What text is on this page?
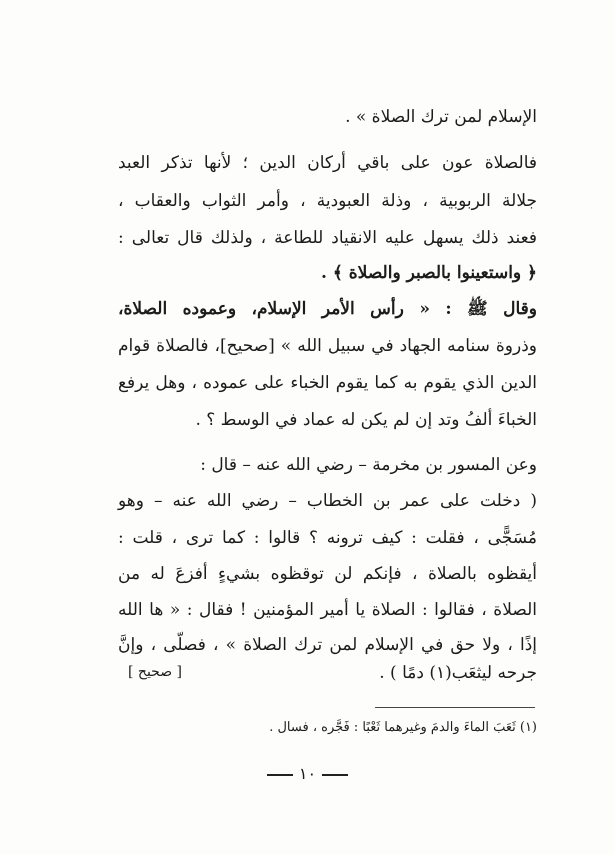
الإسلام لمن ترك الصلاة » .
فالصلاة عون على باقي أركان الدين ؛ لأنها تذكر العبد
جلالة الربوبية ، وذلة العبودية ، وأمر الثواب والعقاب ،
فعند ذلك يسهل عليه الانقياد للطاعة ، ولذلك قال تعالى :
﴿ واستعينوا بالصبر والصلاة ﴾ .
وقال ﷺ : « رأس الأمر الإسلام، وعموده الصلاة،
وذروة سنامه الجهاد في سبيل الله » [صحيح]، فالصلاة قوام
الدين الذي يقوم به كما يقوم الخباء على عموده ، وهل يرفع
الخباءَ ألفُ وتد إن لم يكن له عماد في الوسط ؟ .
وعن المسور بن مخرمة – رضي الله عنه – قال :
( دخلت على عمر بن الخطاب – رضي الله عنه – وهو
مُسَجًّى ، فقلت : كيف ترونه ؟ قالوا : كما ترى ، قلت :
أيقظوه بالصلاة ، فإنكم لن توقظوه بشيءٍ أفزعَ له من
الصلاة ، فقالوا : الصلاة يا أمير المؤمنين ! فقال : « ها الله
إذًا ، ولا حق في الإسلام لمن ترك الصلاة » ، فصلّى ، وإنَّ
جرحه ليثعَب(١) دمًا ) .
[ صحيح ]
(١) ثَعَبَ الماءَ والدمَ وغيرهما ثَعْبًا : فَجَّره ، فسال .
١٠
